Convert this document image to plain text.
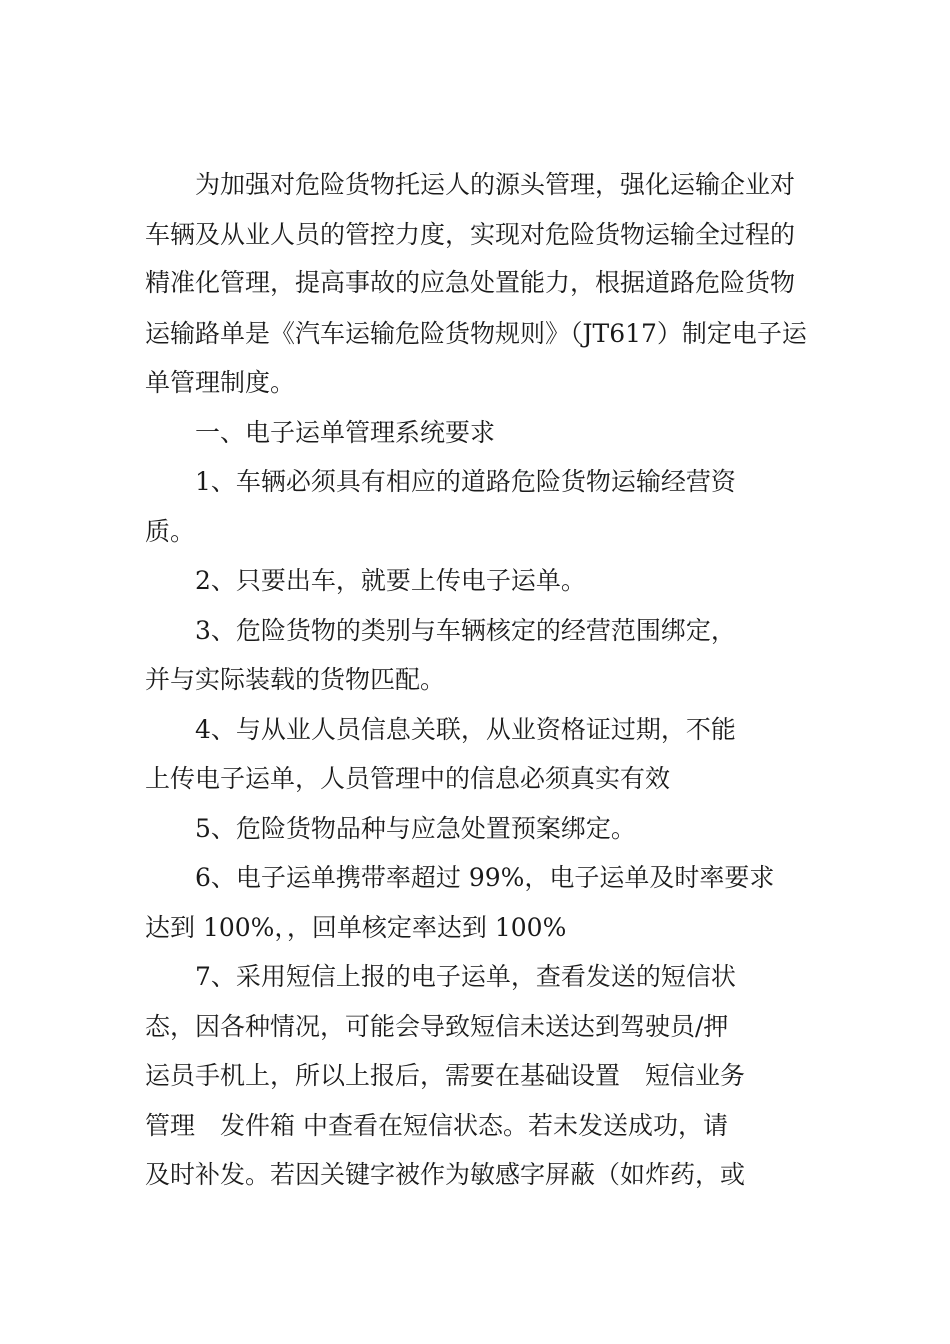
为加强对危险货物托运人的源头管理，强化运输企业对

车辆及从业人员的管控力度，实现对危险货物运输全过程的

精准化管理，提高事故的应急处置能力，根据道路危险货物

运输路单是《汽车运输危险货物规则》（JT617）制定电子运

单管理制度。

一、电子运单管理系统要求

1、车辆必须具有相应的道路危险货物运输经营资

质。

2、只要出车，就要上传电子运单。

3、危险货物的类别与车辆核定的经营范围绑定，

并与实际装载的货物匹配。

4、与从业人员信息关联，从业资格证过期，不能

上传电子运单，人员管理中的信息必须真实有效

5、危险货物品种与应急处置预案绑定。

6、电子运单携带率超过 99%，电子运单及时率要求

达到 100%，，回单核定率达到 100%

7、采用短信上报的电子运单，查看发送的短信状

态，因各种情况，可能会导致短信未送达到驾驶员/押

运员手机上，所以上报后，需要在基础设置　短信业务

管理　发件箱 中查看在短信状态。若未发送成功，请

及时补发。若因关键字被作为敏感字屏蔽（如炸药，或
